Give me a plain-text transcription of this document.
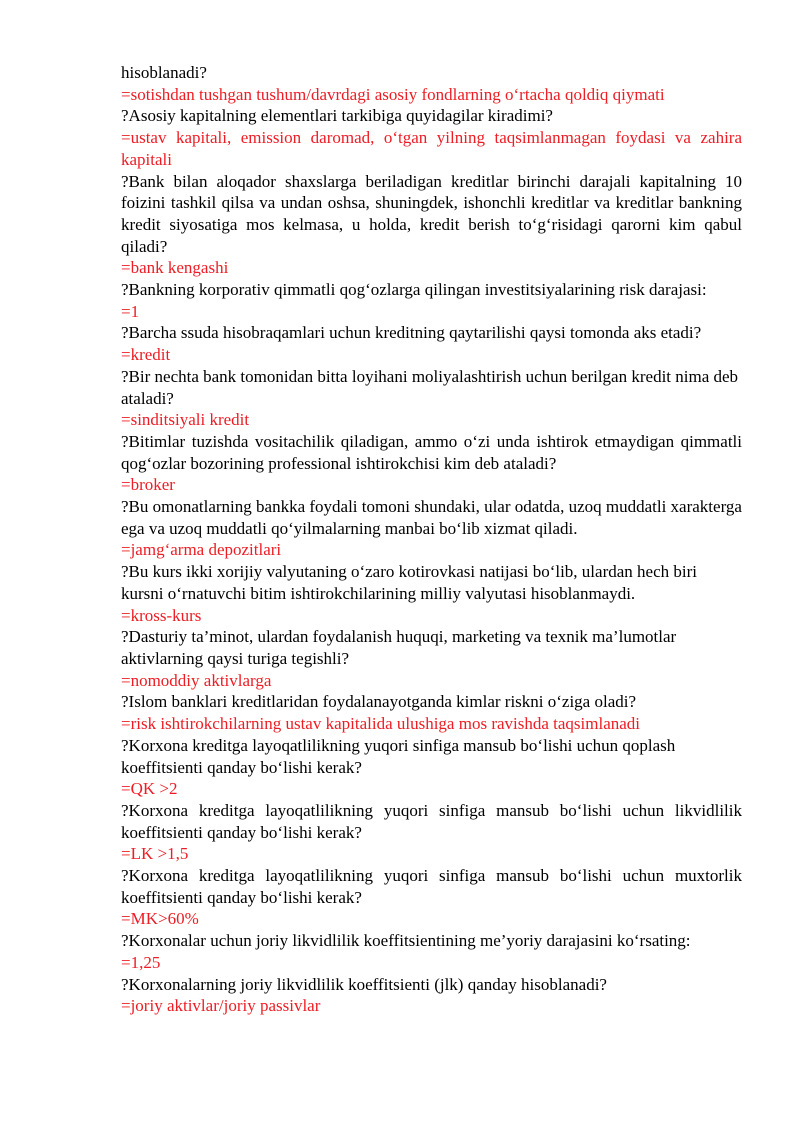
hisoblanadi?
=sotishdan tushgan tushum/davrdagi asosiy fondlarning o‘rtacha qoldiq qiymati
?Asosiy kapitalning elementlari tarkibiga quyidagilar kiradimi?
=ustav kapitali, emission daromad, o‘tgan yilning taqsimlanmagan foydasi va zahira kapitali
?Bank bilan aloqador shaxslarga beriladigan kreditlar birinchi darajali kapitalning 10 foizini tashkil qilsa va undan oshsa, shuningdek, ishonchli kreditlar va kreditlar bankning kredit siyosatiga mos kelmasa, u holda, kredit berish to‘g‘risidagi qarorni kim qabul qiladi?
=bank kengashi
?Bankning korporativ qimmatli qog‘ozlarga qilingan investitsiyalarining risk darajasi:
=1
?Barcha ssuda hisobraqamlari uchun kreditning qaytarilishi qaysi tomonda aks etadi?
=kredit
?Bir nechta bank tomonidan bitta loyihani moliyalashtirish uchun berilgan kredit nima deb ataladi?
=sinditsiyali kredit
?Bitimlar tuzishda vositachilik qiladigan, ammo o‘zi unda ishtirok etmaydigan qimmatli qog‘ozlar bozorining professional ishtirokchisi kim deb ataladi?
=broker
?Bu omonatlarning bankka foydali tomoni shundaki, ular odatda, uzoq muddatli xarakterga ega va uzoq muddatli qo‘yilmalarning manbai bo‘lib xizmat qiladi.
=jamg‘arma depozitlari
?Bu kurs ikki xorijiy valyutaning o‘zaro kotirovkasi natijasi bo‘lib, ulardan hech biri kursni o‘rnatuvchi bitim ishtirokchilarining milliy valyutasi hisoblanmaydi.
=kross-kurs
?Dasturiy ta’minot, ulardan foydalanish huquqi, marketing va texnik ma’lumotlar aktivlarning qaysi turiga tegishli?
=nomoddiy aktivlarga
?Islom banklari kreditlaridan foydalanayotganda kimlar riskni o‘ziga oladi?
=risk ishtirokchilarning ustav kapitalida ulushiga mos ravishda taqsimlanadi
?Korxona kreditga layoqatlilikning yuqori sinfiga mansub bo‘lishi uchun qoplash koeffitsienti qanday bo‘lishi kerak?
=QK >2
?Korxona kreditga layoqatlilikning yuqori sinfiga mansub bo‘lishi uchun likvidlilik koeffitsienti qanday bo‘lishi kerak?
=LK >1,5
?Korxona kreditga layoqatlilikning yuqori sinfiga mansub bo‘lishi uchun muxtorlik koeffitsienti qanday bo‘lishi kerak?
=MK>60%
?Korxonalar uchun joriy likvidlilik koeffitsientining me’yoriy darajasini ko‘rsating:
=1,25
?Korxonalarning joriy likvidlilik koeffitsienti (jlk) qanday hisoblanadi?
=joriy aktivlar/joriy passivlar
